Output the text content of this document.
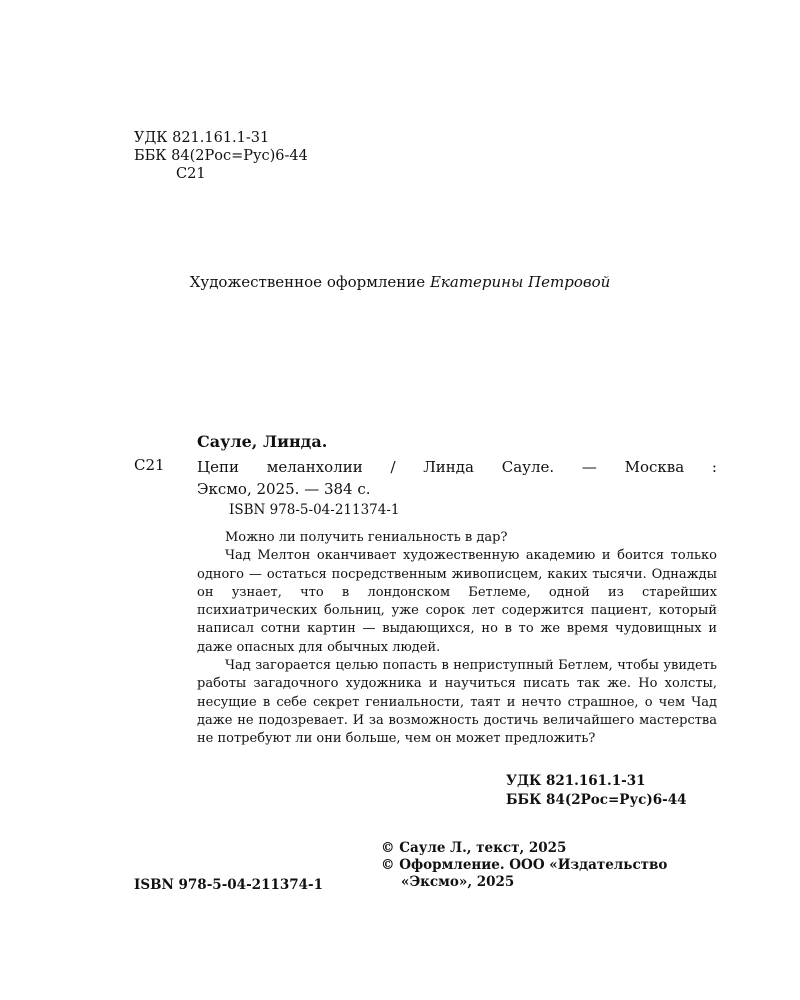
УДК 821.161.1-31
ББК 84(2Рос=Рус)6-44
С21
Художественное оформление Екатерины Петровой
Сауле, Линда.
С21 Цепи меланхолии / Линда Сауле. — Москва :
Эксмо, 2025. — 384 с.
ISBN 978-5-04-211374-1

Можно ли получить гениальность в дар?

Чад Мелтон оканчивает художественную академию и боится только одного — остаться посредственным живописцем, каких тысячи. Однажды он узнает, что в лондонском Бетлеме, одной из старейших психиатрических больниц, уже сорок лет содержится пациент, который написал сотни картин — выдающихся, но в то же время чудовищных и даже опасных для обычных людей.

Чад загорается целью попасть в неприступный Бетлем, чтобы увидеть работы загадочного художника и научиться писать так же. Но холсты, несущие в себе секрет гениальности, таят и нечто страшное, о чем Чад даже не подозревает. И за возможность достичь величайшего мастерства не потребуют ли они больше, чем он может предложить?

УДК 821.161.1-31
ББК 84(2Рос=Рус)6-44
© Сауле Л., текст, 2025
© Оформление. ООО «Издательство
«Эксмо», 2025
ISBN 978-5-04-211374-1
